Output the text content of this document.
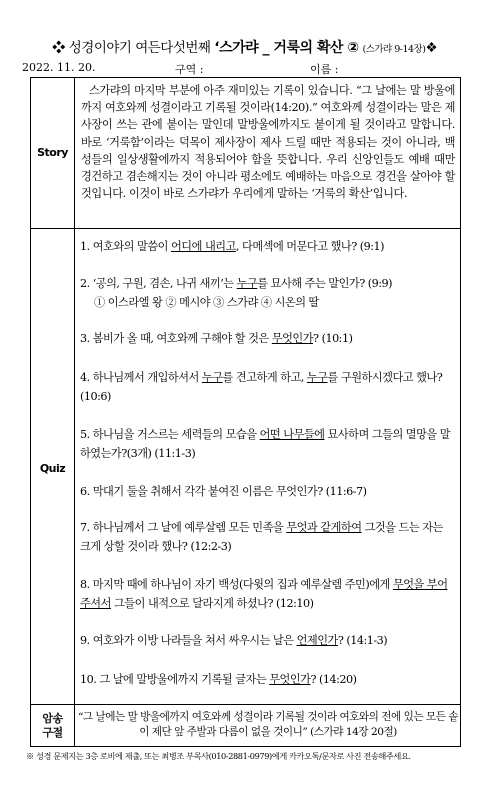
❖ 성경이야기 여든다섯번째 ‘스가랴 _ 거룩의 확산 ② (스가랴 9-14장)❖
2022. 11. 20.	구역 :	이름 :
Story
스가랴의 마지막 부분에 아주 재미있는 기록이 있습니다. “그 날에는 말 방울에까지 여호와께 성결이라고 기록될 것이라(14:20).” 여호와께 성결이라는 말은 제사장이 쓰는 관에 붙이는 말인데 말방울에까지도 붙이게 될 것이라고 말합니다. 바로 ‘거룩함’이라는 덕목이 제사장이 제사 드릴 때만 적용되는 것이 아니라, 백성들의 일상생활에까지 적용되어야 함을 뜻합니다. 우리 신앙인들도 예배 때만 경건하고 겸손해지는 것이 아니라 평소에도 예배하는 마음으로 경건을 살아야 할 것입니다. 이것이 바로 스가랴가 우리에게 말하는 ‘거룩의 확산’입니다.
Quiz
1. 여호와의 말씀이 어디에 내리고, 다메섹에 머문다고 했나? (9:1)
2. ‘공의, 구원, 겸손, 나귀 새끼’는 누구를 묘사해 주는 말인가? (9:9)
① 이스라엘 왕 ② 메시야 ③ 스가랴 ④ 시온의 딸
3. 봄비가 올 때, 여호와께 구해야 할 것은 무엇인가? (10:1)
4. 하나님께서 개입하셔서 누구를 견고하게 하고, 누구를 구원하시겠다고 했나? (10:6)
5. 하나님을 거스르는 세력들의 모습을 어떤 나무들에 묘사하며 그들의 멸망을 말하였는가?(3개) (11:1-3)
6. 막대기 둘을 취해서 각각 붙여진 이름은 무엇인가? (11:6-7)
7. 하나님께서 그 날에 예루살렘 모든 민족을 무엇과 같게하여 그것을 드는 자는 크게 상할 것이라 했나? (12:2-3)
8. 마지막 때에 하나님이 자기 백성(다윗의 집과 예루살렘 주민)에게 무엇을 부어 주셔서 그들이 내적으로 달라지게 하셨나? (12:10)
9. 여호와가 이방 나라들을 쳐서 싸우시는 날은 언제인가? (14:1-3)
10. 그 날에 말방울에까지 기록될 글자는 무엇인가? (14:20)
암송
구절
“그 날에는 말 방울에까지 여호와께 성결이라 기록될 것이라 여호와의 전에 있는 모든 솥이 제단 앞 주발과 다름이 없을 것이니” (스가랴 14장 20절)
※ 성경 문제지는 3층 로비에 제출, 또는 최병조 부목사(010-2881-0979)에게 카카오톡/문자로 사진 전송해주세요.
